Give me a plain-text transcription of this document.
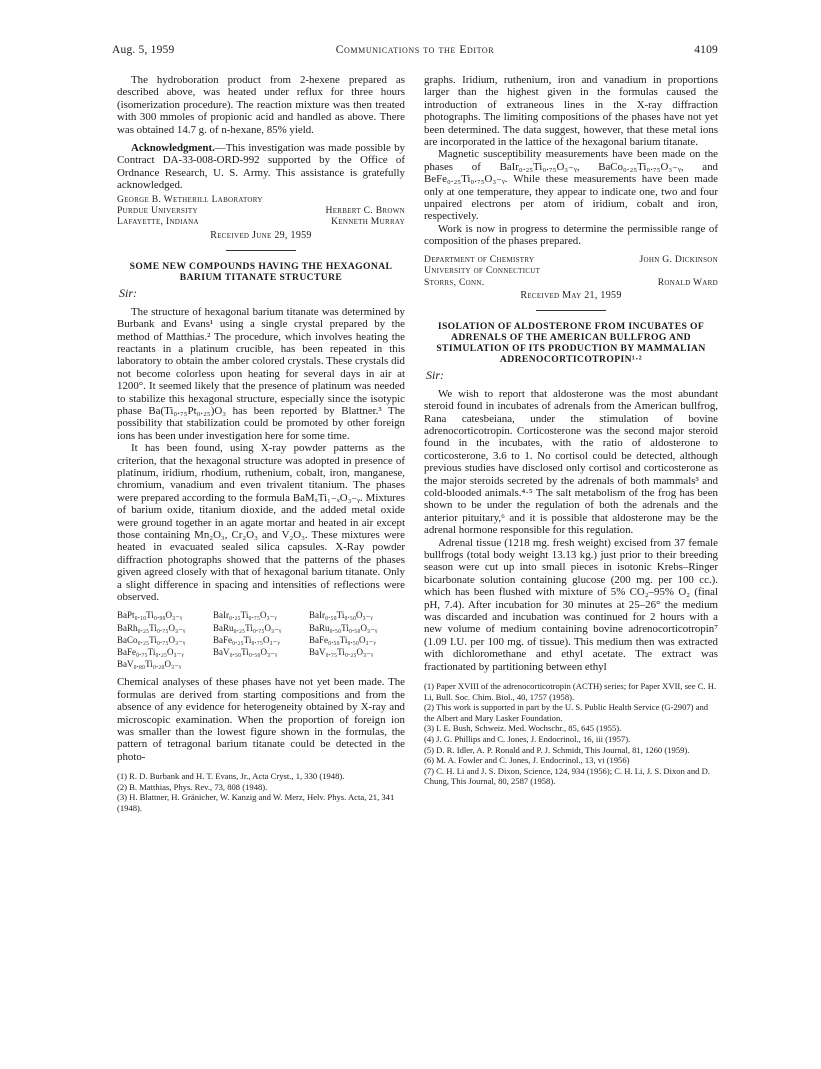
Aug. 5, 1959	Communications to the Editor	4109

The hydroboration product from 2-hexene prepared as described above, was heated under reflux for three hours (isomerization procedure). The reaction mixture was then treated with 300 mmoles of propionic acid and handled as above. There was obtained 14.7 g. of n-hexane, 85% yield.

Acknowledgment.—This investigation was made possible by Contract DA-33-008-ORD-992 supported by the Office of Ordnance Research, U. S. Army. This assistance is gratefully acknowledged.

George B. Wetherill Laboratory
Purdue University	Herbert C. Brown
Lafayette, Indiana	Kenneth Murray
Received June 29, 1959
SOME NEW COMPOUNDS HAVING THE HEXAGONAL BARIUM TITANATE STRUCTURE
Sir:

The structure of hexagonal barium titanate was determined by Burbank and Evans¹ using a single crystal prepared by the method of Matthias.² The procedure, which involves heating the reactants in a platinum crucible, has been repeated in this laboratory to obtain the amber colored crystals. These crystals did not become colorless upon heating for several days in air at 1200°. It seemed likely that the presence of platinum was needed to stabilize this hexagonal structure, especially since the isotypic phase Ba(Ti₀.₇₅Pt₀.₂₅)O₃ has been reported by Blattner.³ The possibility that stabilization could be promoted by other foreign ions has been under investigation here for some time.

It has been found, using X-ray powder patterns as the criterion, that the hexagonal structure was adopted in presence of platinum, iridium, rhodium, ruthenium, cobalt, iron, manganese, chromium, vanadium and even trivalent titanium. The phases were prepared according to the formula BaMₓTi₁₋ₓO₃₋ᵧ. Mixtures of barium oxide, titanium dioxide, and the added metal oxide were ground together in an agate mortar and heated in air except those containing Mn₂O₃, Cr₂O₃ and V₂O₃. These mixtures were heated in evacuated sealed silica capsules. X-Ray powder diffraction photographs showed that the patterns of the phases given agreed closely with that of hexagonal barium titanate. Only a slight difference in spacing and intensities of reflections were observed.

BaPt₀.₁₀Ti₀.₉₀O₃₋ᵧ	BaIr₀.₂₅Ti₀.₇₅O₃₋ᵧ	BaIr₀.₅₀Ti₀.₅₀O₃₋ᵧ
BaRh₀.₂₅Ti₀.₇₅O₃₋ᵧ	BaRu₀.₂₅Ti₀.₇₅O₃₋ᵧ	BaRu₀.₅₀Ti₀.₅₀O₃₋ᵧ
BaCo₀.₂₅Ti₀.₇₅O₃₋ᵧ	BaFe₀.₂₅Ti₀.₇₅O₃₋ᵧ	BaFe₀.₅₀Ti₀.₅₀O₃₋ᵧ
BaFe₀.₇₅Ti₀.₂₅O₃₋ᵧ	BaV₀.₅₀Ti₀.₅₀O₃₋ᵧ	BaV₀.₇₅Ti₀.₂₅O₃₋ᵧ
BaV₀.₈₀Ti₀.₂₀O₃₋ᵧ

Chemical analyses of these phases have not yet been made. The formulas are derived from starting compositions and from the absence of any evidence for heterogeneity obtained by X-ray and microscopic examination. When the proportion of foreign ion was smaller than the lowest figure shown in the formulas, the pattern of tetragonal barium titanate could be detected in the photo-

(1) R. D. Burbank and H. T. Evans, Jr., Acta Cryst., 1, 330 (1948).
(2) B. Matthias, Phys. Rev., 73, 808 (1948).
(3) H. Blattner, H. Gränicher, W. Kanzig and W. Merz, Helv. Phys. Acta, 21, 341 (1948).

graphs. Iridium, ruthenium, iron and vanadium in proportions larger than the highest given in the formulas caused the introduction of extraneous lines in the X-ray diffraction photographs. The limiting compositions of the phases have not yet been determined. The data suggest, however, that these metal ions are incorporated in the lattice of the hexagonal barium titanate.

Magnetic susceptibility measurements have been made on the phases of BaIr₀.₂₅Ti₀.₇₅O₃₋ᵧ, BaCo₀.₂₅Ti₀.₇₅O₃₋ᵧ, and BeFe₀.₂₅Ti₀.₇₅O₃₋ᵧ. While these measurements have been made only at one temperature, they appear to indicate one, two and four unpaired electrons per atom of iridium, cobalt and iron, respectively.

Work is now in progress to determine the permissible range of composition of the phases prepared.

Department of Chemistry	John G. Dickinson
University of Connecticut
Storrs, Conn.	Ronald Ward
Received May 21, 1959
ISOLATION OF ALDOSTERONE FROM INCUBATES OF ADRENALS OF THE AMERICAN BULLFROG AND STIMULATION OF ITS PRODUCTION BY MAMMALIAN ADRENOCORTICOTROPIN¹·²
Sir:

We wish to report that aldosterone was the most abundant steroid found in incubates of adrenals from the American bullfrog, Rana catesbeiana, under the stimulation of bovine adrenocorticotropin. Corticosterone was the second major steroid found in the incubates, with the ratio of aldosterone to corticosterone, 3.6 to 1. No cortisol could be detected, although previous studies have disclosed only cortisol and corticosterone as the major steroids secreted by the adrenals of both mammals³ and cold-blooded animals.⁴·⁵ The salt metabolism of the frog has been shown to be under the regulation of both the adrenals and the anterior pituitary,⁶ and it is possible that aldosterone may be the adrenal hormone responsible for this regulation.

Adrenal tissue (1218 mg. fresh weight) excised from 37 female bullfrogs (total body weight 13.13 kg.) just prior to their breeding season were cut up into small pieces in isotonic Krebs–Ringer bicarbonate solution containing glucose (200 mg. per 100 cc.). which has been flushed with mixture of 5% CO₂–95% O₂ (final pH, 7.4). After incubation for 30 minutes at 25–26° the medium was discarded and incubation was continued for 2 hours with a new volume of medium containing bovine adrenocorticotropin⁷ (1.09 I.U. per 100 mg. of tissue). This medium then was extracted with dichloromethane and ethyl acetate. The extract was fractionated by partitioning between ethyl

(1) Paper XVIII of the adrenocorticotropin (ACTH) series; for Paper XVII, see C. H. Li, Bull. Soc. Chim. Biol., 40, 1757 (1958).
(2) This work is supported in part by the U. S. Public Health Service (G-2907) and the Albert and Mary Lasker Foundation.
(3) I. E. Bush, Schweiz. Med. Wochschr., 85, 645 (1955).
(4) J. G. Phillips and C. Jones, J. Endocrinol., 16, iii (1957).
(5) D. R. Idler, A. P. Ronald and P. J. Schmidt, This Journal, 81, 1260 (1959).
(6) M. A. Fowler and C. Jones, J. Endocrinol., 13, vi (1956)
(7) C. H. Li and J. S. Dixon, Science, 124, 934 (1956); C. H. Li, J. S. Dixon and D. Chung, This Journal, 80, 2587 (1958).
